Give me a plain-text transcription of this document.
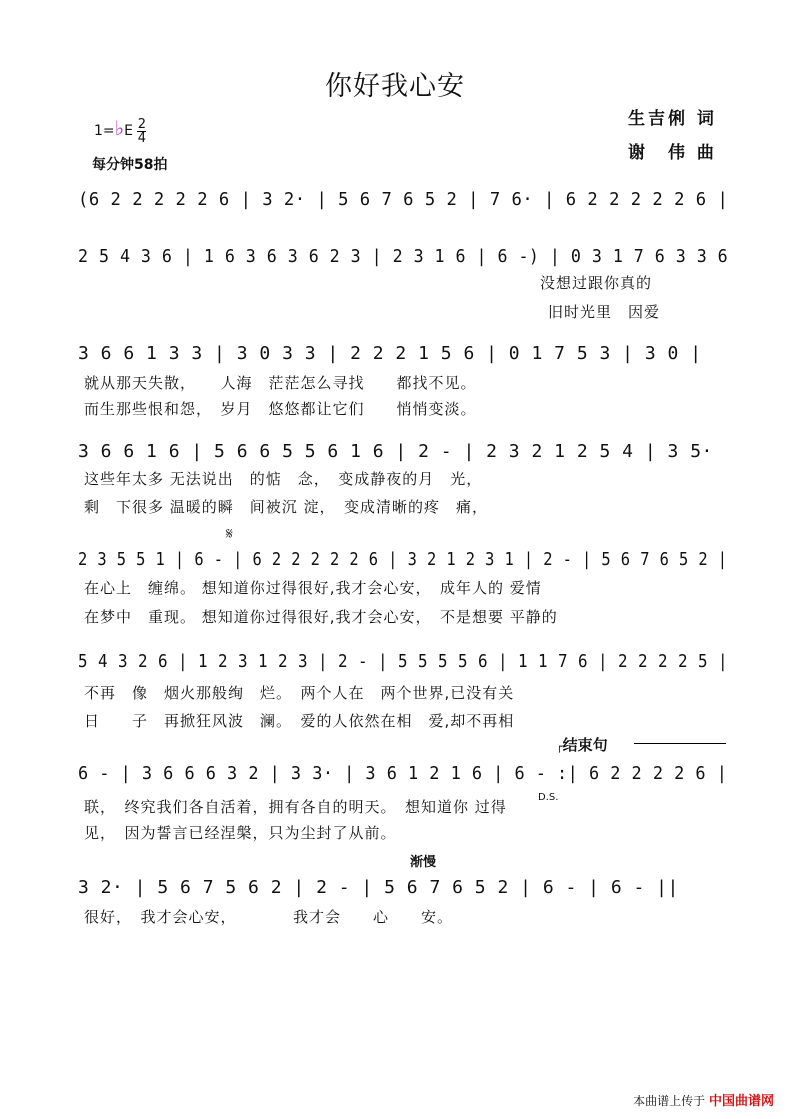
你好我心安
生吉俐 词
谢　伟 曲
1=♭E $\frac{2}{4}$
每分钟58拍
(6 2 2 2 2 2 6 | 3 2· | 5 6 7 6 5 2 | 7 6· | 6 2 2 2 2 2 6 |
2 5 4 3 6 | 1 6 3 6 3 6 2 3 | 2 3 1 6 | 6 -) | 0 3 1 7 6 3 3 6
没想过跟你真的
旧时光里　因爱
3 6 6 1 3 3 | 3 0 3 3 | 2 2 2 1 5 6 | 0 1 7 5 3 | 3 0 |
就从那天失散，　　人海　茫茫怎么寻找　　都找不见。
而生那些恨和怨，　岁月　悠悠都让它们　　悄悄变淡。
3 6 6 1 6 | 5 6 6 5 5 6 1 6 | 2 - | 2 3 2 1 2 5 4 | 3 5·
这些年太多 无法说出　的惦　念，　变成静夜的月　光，
剩　下很多 温暖的瞬　间被沉 淀，　变成清晰的疼　痛，
𝄋
2 3 5 5 1 | 6 - | 6 2 2 2 2 2 6 | 3 2 1 2 3 1 | 2 - | 5 6 7 6 5 2 |
在心上　缠绵。 想知道你过得很好,我才会心安，　成年人的 爱情
在梦中　重现。 想知道你过得很好,我才会心安，　不是想要 平静的
5 4 3 2 6 | 1 2 3 1 2 3 | 2 - | 5 5 5 5 6 | 1 1 7 6 | 2 2 2 2 5 |
不再　像　烟火那般绚　烂。　两个人在　两个世界,已没有关
日　　子　再掀狂风波　澜。　爱的人依然在相　爱,却不再相
┌结束句
6 - | 3 6 6 6 3 2 | 3 3· | 3 6 1 2 1 6 | 6 - :| 6 2 2 2 2 6 |
D.S.
联，　终究我们各自活着，拥有各自的明天。　想知道你 过得
见，　因为誓言已经涅槃，只为尘封了从前。
渐慢
3 2· | 5 6 7 5 6 2 | 2 - | 5 6 7 6 5 2 | 6 - | 6 - ||
很好，　我才会心安，　　　　我才会　　心　　安。
本曲谱上传于 中国曲谱网
